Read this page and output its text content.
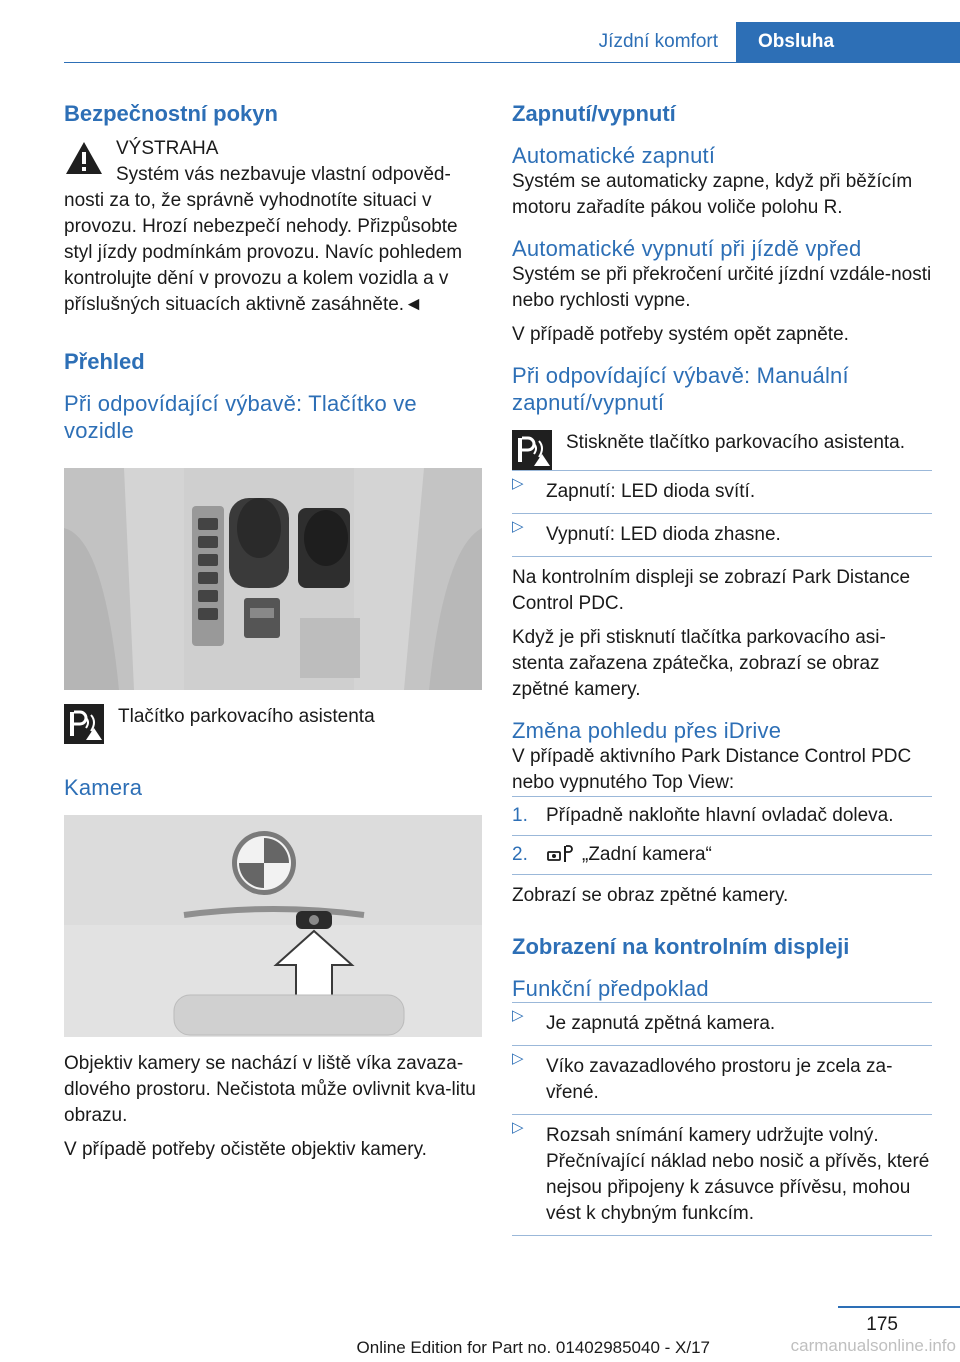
Jízdní komfort	Obsluha
Bezpečnostní pokyn

VÝSTRAHA

Systém vás nezbavuje vlastní odpověd‐nosti za to, že správně vyhodnotíte situaci v provozu. Hrozí nebezpečí nehody. Přizpůsobte styl jízdy podmínkám provozu. Navíc pohledem kontrolujte dění v provozu a kolem vozidla a v příslušných situacích aktivně zasáhněte.◄

Přehled
Při odpovídající výbavě: Tlačítko ve vozidle

Tlačítko parkovacího asistenta

Kamera

Objektiv kamery se nachází v liště víka zavaza‐dlového prostoru. Nečistota může ovlivnit kva‐litu obrazu.

V případě potřeby očistěte objektiv kamery.

Zapnutí/vypnutí
Automatické zapnutí

Systém se automaticky zapne, když při běžícím motoru zařadíte pákou voliče polohu R.

Automatické vypnutí při jízdě vpřed

Systém se při překročení určité jízdní vzdále‐nosti nebo rychlosti vypne.

V případě potřeby systém opět zapněte.

Při odpovídající výbavě: Manuální zapnutí/vypnutí

Stiskněte tlačítko parkovacího asistenta.

▷ Zapnutí: LED dioda svítí.
▷ Vypnutí: LED dioda zhasne.

Na kontrolním displeji se zobrazí Park Distance Control PDC.

Když je při stisknutí tlačítka parkovacího asi‐stenta zařazena zpátečka, zobrazí se obraz zpětné kamery.

Změna pohledu přes iDrive

V případě aktivního Park Distance Control PDC nebo vypnutého Top View:

1. Případně nakloňte hlavní ovladač doleva.
2.	„Zadní kamera“

Zobrazí se obraz zpětné kamery.

Zobrazení na kontrolním displeji
Funkční předpoklad
▷ Je zapnutá zpětná kamera.
▷ Víko zavazadlového prostoru je zcela za‐vřené.
▷ Rozsah snímání kamery udržujte volný. Přečnívající náklad nebo nosič a přívěs, které nejsou připojeny k zásuvce přívěsu, mohou vést k chybným funkcím.
175
Online Edition for Part no. 01402985040 - X/17	carmanualsonline.info
